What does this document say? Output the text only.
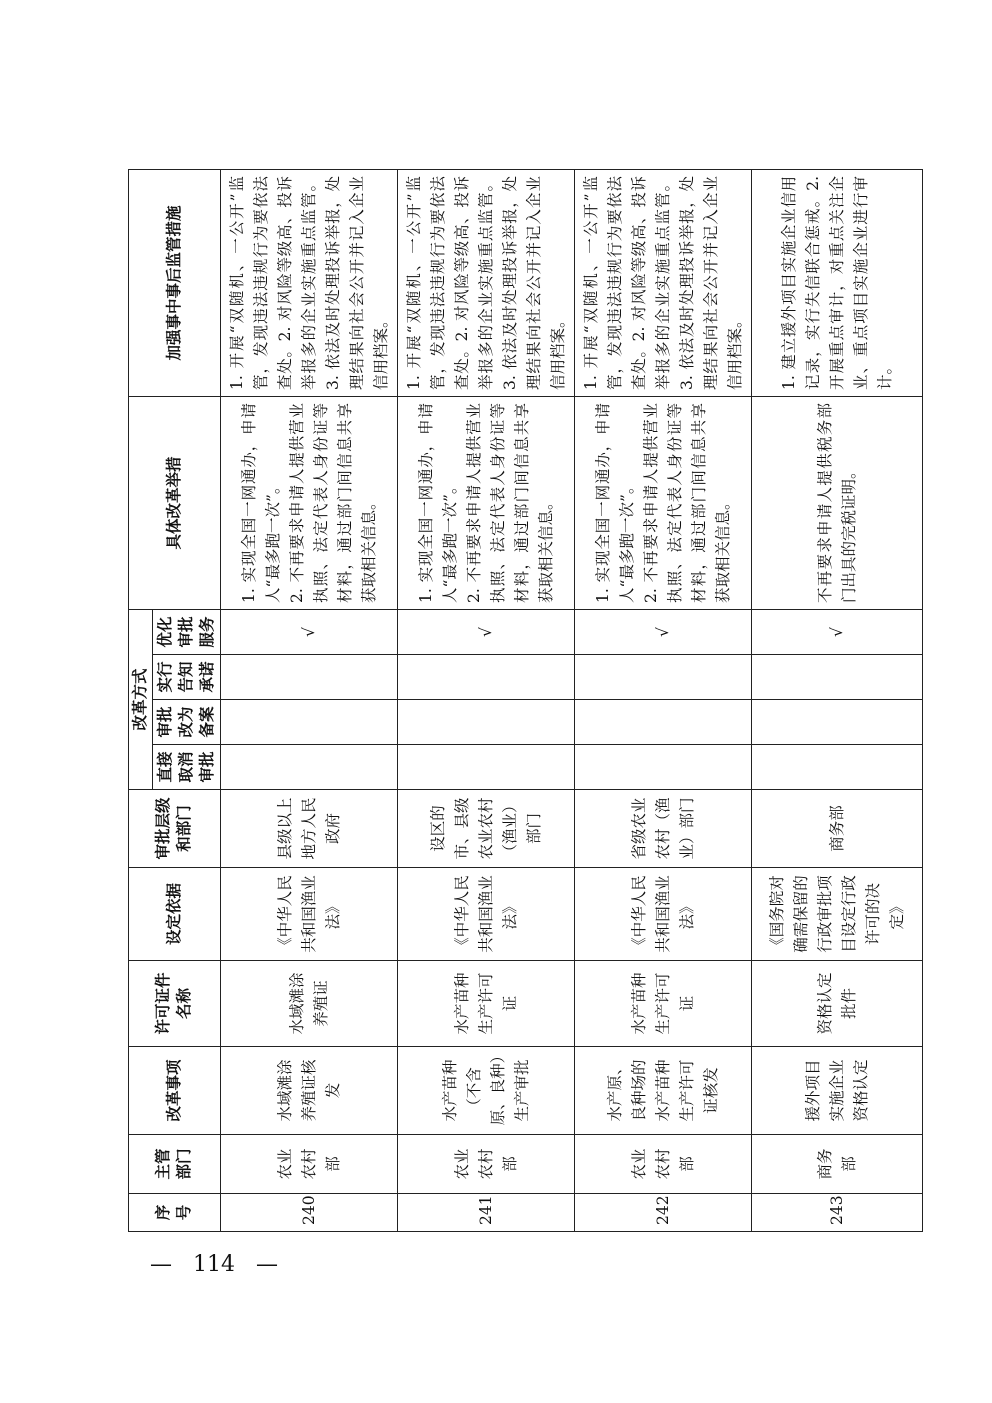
序号	主管部门	改革事项	许可证件名称	设定依据	审批层级和部门	改革方式				具体改革举措	加强事中事后监管措施
						直接取消审批	审批改为备案	实行告知承诺	优化审批服务		
240	农业农村部	水域滩涂养殖证核发	水域滩涂养殖证	《中华人民共和国渔业法》	县级以上地方人民政府				√	1. 实现全国一网通办，申请人“最多跑一次”。 2. 不再要求申请人提供营业执照、法定代表人身份证等材料，通过部门间信息共享获取相关信息。	1. 开展“双随机、一公开”监管，发现违法违规行为要依法查处。2. 对风险等级高、投诉举报多的企业实施重点监管。3. 依法及时处理投诉举报，处理结果向社会公开并记入企业信用档案。
241	农业农村部	水产苗种（不含原、良种）生产审批	水产苗种生产许可证	《中华人民共和国渔业法》	设区的市、县级农业农村（渔业）部门				√	1. 实现全国一网通办，申请人“最多跑一次”。 2. 不再要求申请人提供营业执照、法定代表人身份证等材料，通过部门间信息共享获取相关信息。	1. 开展“双随机、一公开”监管，发现违法违规行为要依法查处。2. 对风险等级高、投诉举报多的企业实施重点监管。3. 依法及时处理投诉举报，处理结果向社会公开并记入企业信用档案。
242	农业农村部	水产原、良种场的水产苗种生产许可证核发	水产苗种生产许可证	《中华人民共和国渔业法》	省级农业农村（渔业）部门				√	1. 实现全国一网通办，申请人“最多跑一次”。 2. 不再要求申请人提供营业执照、法定代表人身份证等材料，通过部门间信息共享获取相关信息。	1. 开展“双随机、一公开”监管，发现违法违规行为要依法查处。2. 对风险等级高、投诉举报多的企业实施重点监管。3. 依法及时处理投诉举报，处理结果向社会公开并记入企业信用档案。
243	商务部	援外项目实施企业资格认定	资格认定批件	《国务院对确需保留的行政审批项目设定行政许可的决定》	商务部				√	不再要求申请人提供税务部门出具的完税证明。	1. 建立援外项目实施企业信用记录，实行失信联合惩戒。2. 开展重点审计，对重点关注企业、重点项目实施企业进行审计。
— 114 —
